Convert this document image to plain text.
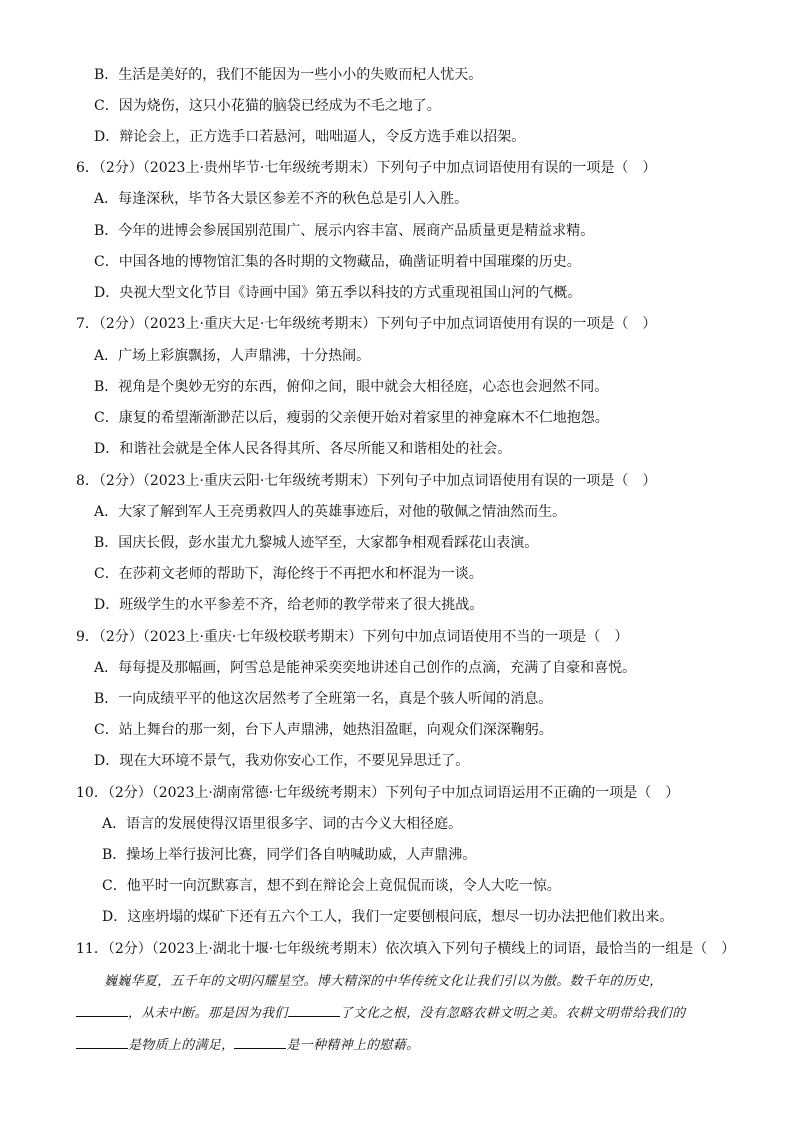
B．生活是美好的，我们不能因为一些小小的失败而杞人忧天。
C．因为烧伤，这只小花猫的脑袋已经成为不毛之地了。
D．辩论会上，正方选手口若悬河，咄咄逼人，令反方选手难以招架。
6．（2分）（2023上·贵州毕节·七年级统考期末）下列句子中加点词语使用有误的一项是（　）
A．每逢深秋，毕节各大景区参差不齐的秋色总是引人入胜。
B．今年的进博会参展国别范围广、展示内容丰富、展商产品质量更是精益求精。
C．中国各地的博物馆汇集的各时期的文物藏品，确凿证明着中国璀璨的历史。
D．央视大型文化节目《诗画中国》第五季以科技的方式重现祖国山河的气概。
7．（2分）（2023上·重庆大足·七年级统考期末）下列句子中加点词语使用有误的一项是（　）
A．广场上彩旗飘扬，人声鼎沸，十分热闹。
B．视角是个奥妙无穷的东西，俯仰之间，眼中就会大相径庭，心态也会迥然不同。
C．康复的希望渐渐渺茫以后，瘦弱的父亲便开始对着家里的神龛麻木不仁地抱怨。
D．和谐社会就是全体人民各得其所、各尽所能又和谐相处的社会。
8．（2分）（2023上·重庆云阳·七年级统考期末）下列句子中加点词语使用有误的一项是（　）
A．大家了解到军人王亮勇救四人的英雄事迹后，对他的敬佩之情油然而生。
B．国庆长假，彭水蚩尤九黎城人迹罕至，大家都争相观看踩花山表演。
C．在莎莉文老师的帮助下，海伦终于不再把水和杯混为一谈。
D．班级学生的水平参差不齐，给老师的教学带来了很大挑战。
9．（2分）（2023上·重庆·七年级校联考期末）下列句中加点词语使用不当的一项是（　）
A．每每提及那幅画，阿雪总是能神采奕奕地讲述自己创作的点滴，充满了自豪和喜悦。
B．一向成绩平平的他这次居然考了全班第一名，真是个骇人听闻的消息。
C．站上舞台的那一刻，台下人声鼎沸，她热泪盈眶，向观众们深深鞠躬。
D．现在大环境不景气，我劝你安心工作，不要见异思迁了。
10．（2分）（2023上·湖南常德·七年级统考期末）下列句子中加点词语运用不正确的一项是（　）
A．语言的发展使得汉语里很多字、词的古今义大相径庭。
B．操场上举行拔河比赛，同学们各自呐喊助威，人声鼎沸。
C．他平时一向沉默寡言，想不到在辩论会上竟侃侃而谈，令人大吃一惊。
D．这座坍塌的煤矿下还有五六个工人，我们一定要刨根问底，想尽一切办法把他们救出来。
11．（2分）（2023上·湖北十堰·七年级统考期末）依次填入下列句子横线上的词语，最恰当的一组是（　）
巍巍华夏，五千年的文明闪耀星空。博大精深的中华传统文化让我们引以为傲。数千年的历史，
，从未中断。那是因为我们	了文化之根，没有忽略农耕文明之美。农耕文明带给我们的
是物质上的满足，	是一种精神上的慰藉。
